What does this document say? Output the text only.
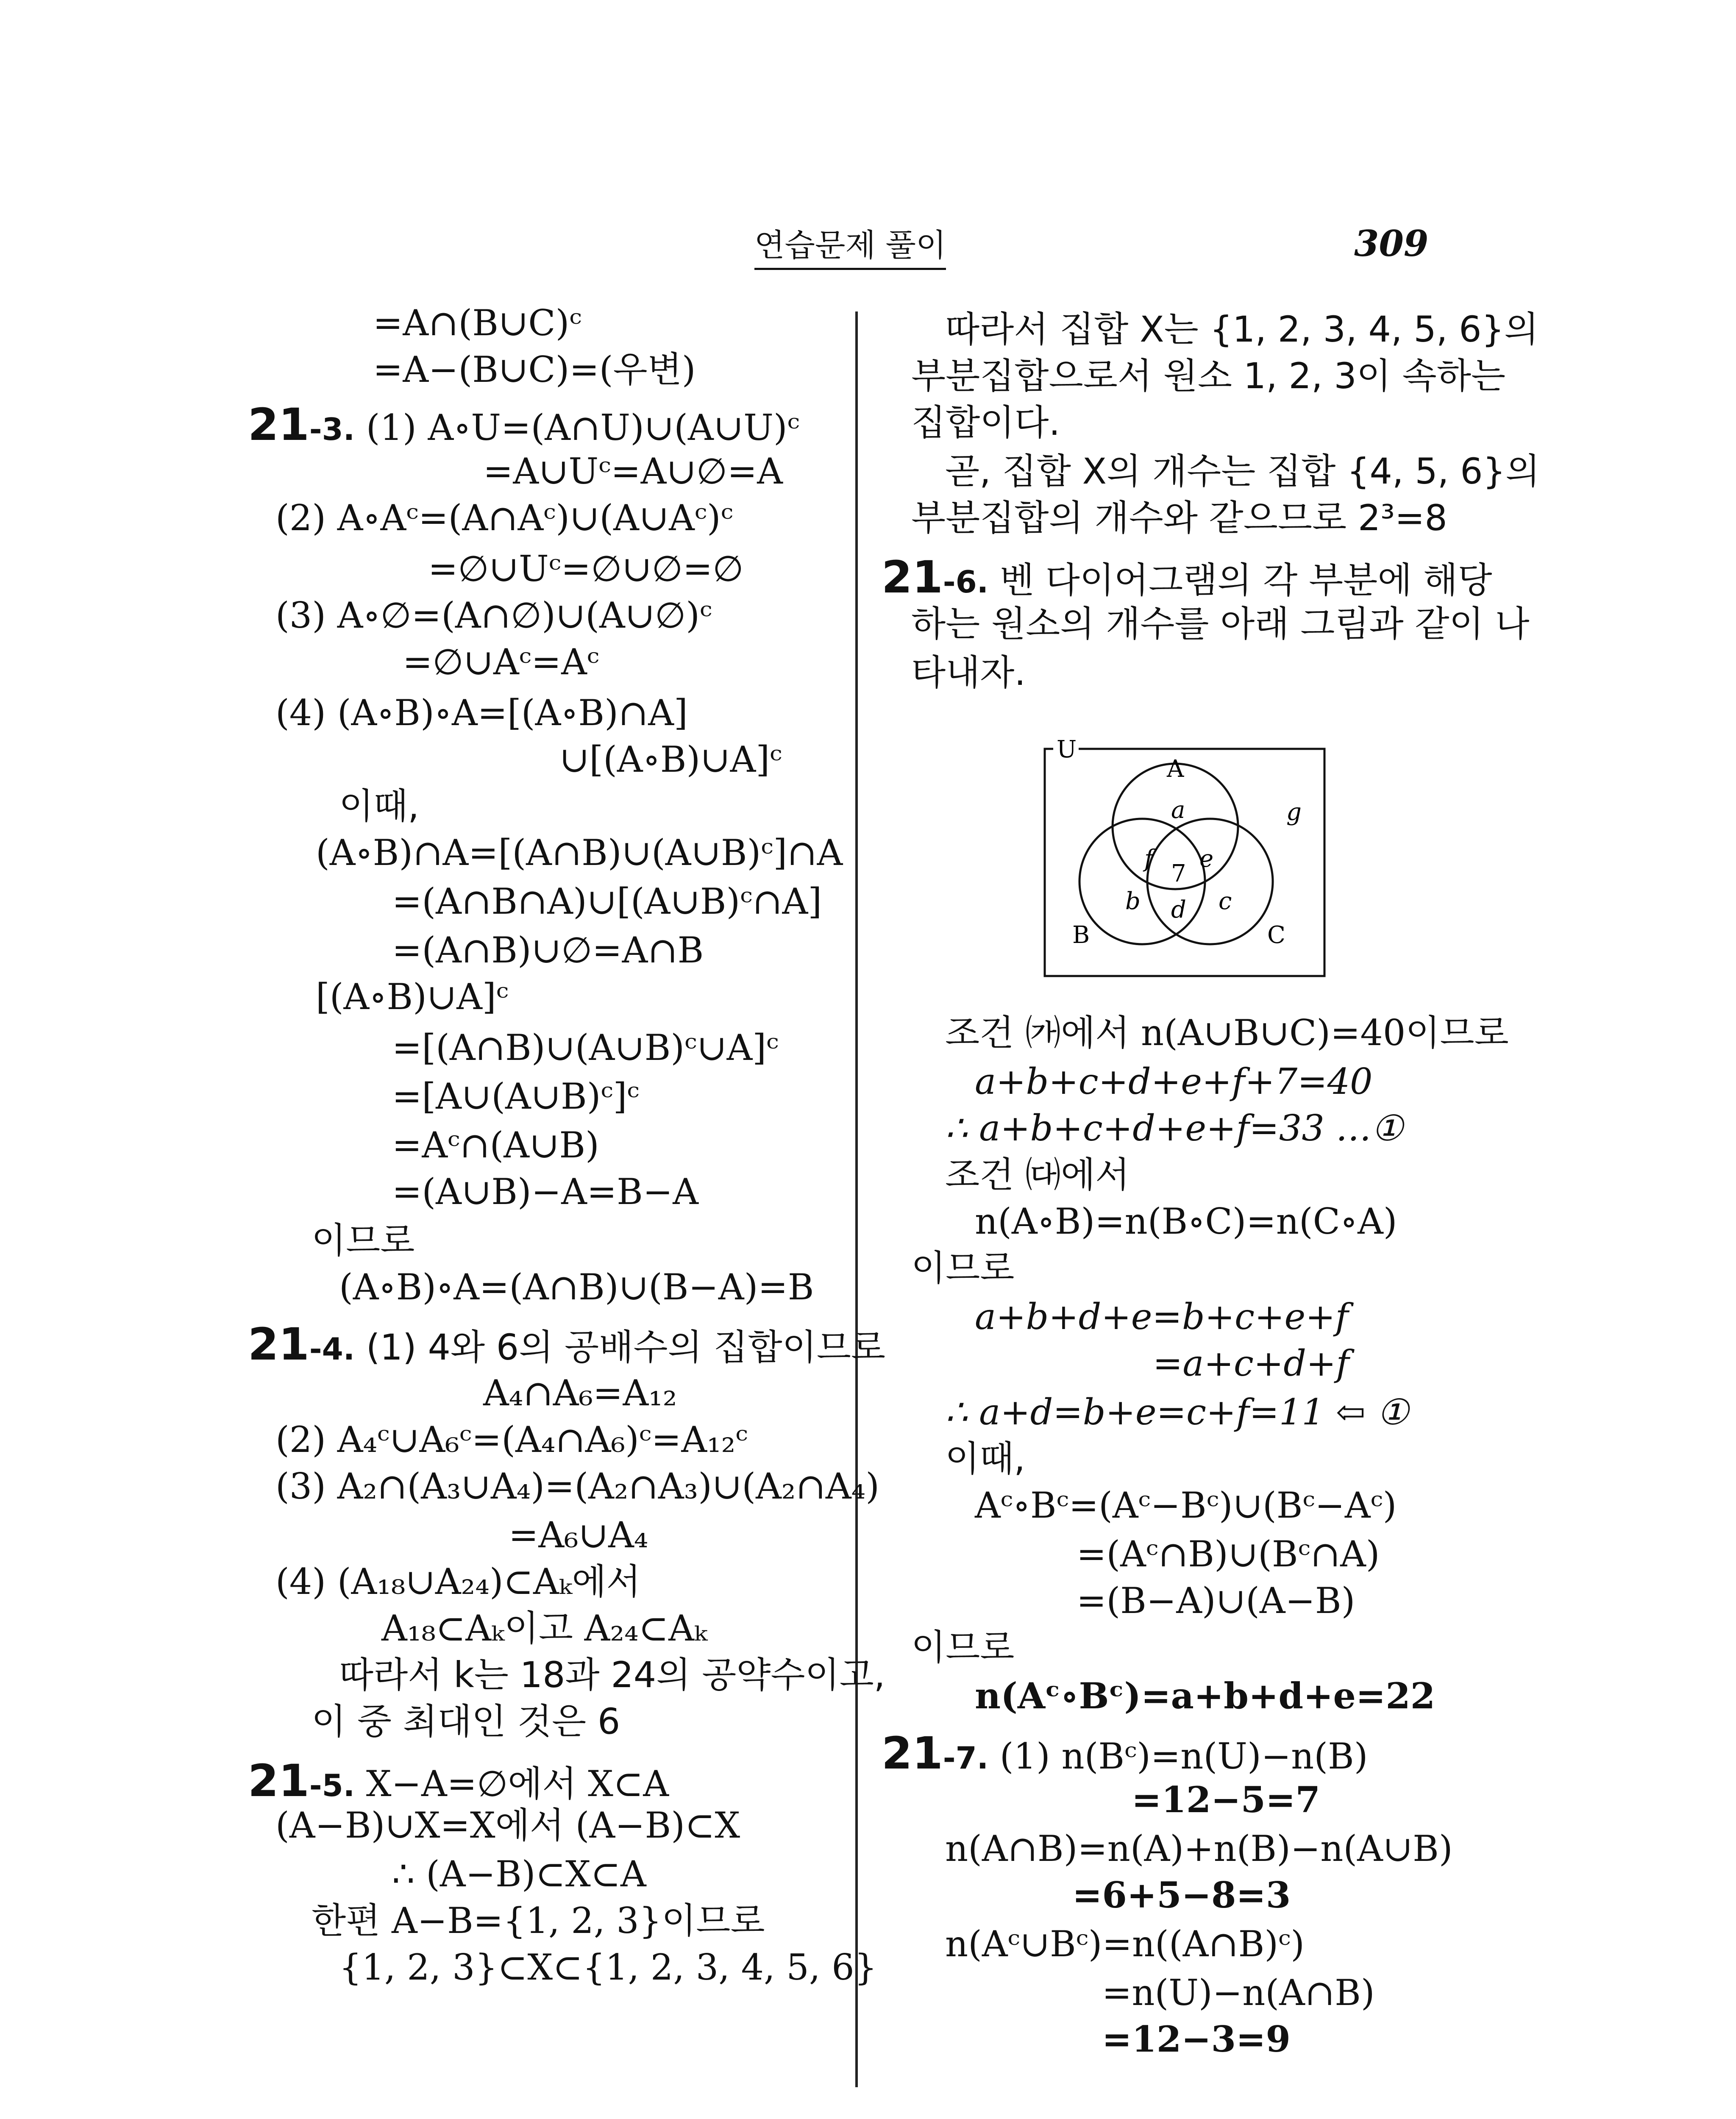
연습문제 풀이	309
=A∩(B∪C)ᶜ
=A−(B∪C)=(우변)
21-3. (1) A∘U=(A∩U)∪(A∪U)ᶜ
=A∪Uᶜ=A∪∅=A
(2) A∘Aᶜ=(A∩Aᶜ)∪(A∪Aᶜ)ᶜ
=∅∪Uᶜ=∅∪∅=∅
(3) A∘∅=(A∩∅)∪(A∪∅)ᶜ
=∅∪Aᶜ=Aᶜ
(4) (A∘B)∘A=[(A∘B)∩A]
∪[(A∘B)∪A]ᶜ
이때,
(A∘B)∩A=[(A∩B)∪(A∪B)ᶜ]∩A
=(A∩B∩A)∪[(A∪B)ᶜ∩A]
=(A∩B)∪∅=A∩B
[(A∘B)∪A]ᶜ
=[(A∩B)∪(A∪B)ᶜ∪A]ᶜ
=[A∪(A∪B)ᶜ]ᶜ
=Aᶜ∩(A∪B)
=(A∪B)−A=B−A
이므로
(A∘B)∘A=(A∩B)∪(B−A)=B
21-4. (1) 4와 6의 공배수의 집합이므로
A₄∩A₆=A₁₂
(2) A₄ᶜ∪A₆ᶜ=(A₄∩A₆)ᶜ=A₁₂ᶜ
(3) A₂∩(A₃∪A₄)=(A₂∩A₃)∪(A₂∩A₄)
=A₆∪A₄
(4) (A₁₈∪A₂₄)⊂Aₖ에서
A₁₈⊂Aₖ이고 A₂₄⊂Aₖ
따라서 k는 18과 24의 공약수이고,
이 중 최대인 것은 6
21-5. X−A=∅에서 X⊂A
(A−B)∪X=X에서 (A−B)⊂X
∴ (A−B)⊂X⊂A
한편 A−B={1, 2, 3}이므로
{1, 2, 3}⊂X⊂{1, 2, 3, 4, 5, 6}
따라서 집합 X는 {1, 2, 3, 4, 5, 6}의
부분집합으로서 원소 1, 2, 3이 속하는
집합이다.
곧, 집합 X의 개수는 집합 {4, 5, 6}의
부분집합의 개수와 같으므로 2³=8
21-6. 벤 다이어그램의 각 부분에 해당
하는 원소의 개수를 아래 그림과 같이 나
타내자.
U
A
B	C
a
b	c
d
e
f
7
g
조건 ㈎에서 n(A∪B∪C)=40이므로
a+b+c+d+e+f+7=40
∴ a+b+c+d+e+f=33 …①
조건 ㈐에서
n(A∘B)=n(B∘C)=n(C∘A)
이므로
a+b+d+e=b+c+e+f
=a+c+d+f
∴ a+d=b+e=c+f=11 ⇦ ①
이때,
Aᶜ∘Bᶜ=(Aᶜ−Bᶜ)∪(Bᶜ−Aᶜ)
=(Aᶜ∩B)∪(Bᶜ∩A)
=(B−A)∪(A−B)
이므로
n(Aᶜ∘Bᶜ)=a+b+d+e=22
21-7. (1) n(Bᶜ)=n(U)−n(B)
=12−5=7
n(A∩B)=n(A)+n(B)−n(A∪B)
=6+5−8=3
n(Aᶜ∪Bᶜ)=n((A∩B)ᶜ)
=n(U)−n(A∩B)
=12−3=9
